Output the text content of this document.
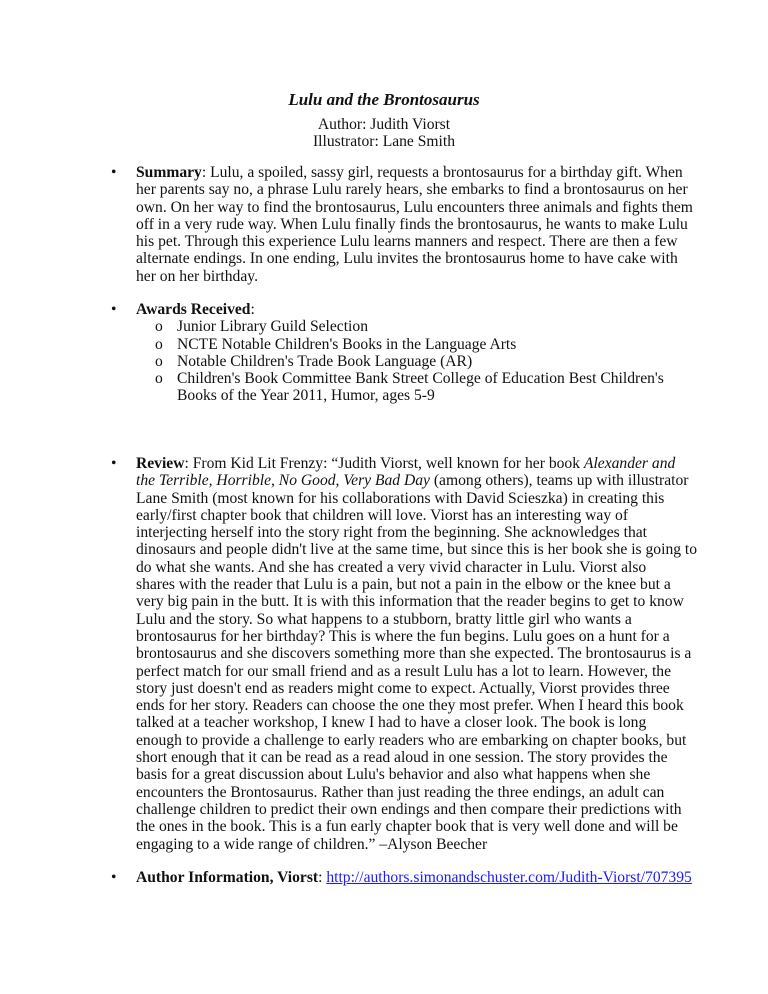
Lulu and the Brontosaurus
Author: Judith Viorst
Illustrator: Lane Smith
• Summary: Lulu, a spoiled, sassy girl, requests a brontosaurus for a birthday gift. When
her parents say no, a phrase Lulu rarely hears, she embarks to find a brontosaurus on her
own. On her way to find the brontosaurus, Lulu encounters three animals and fights them
off in a very rude way. When Lulu finally finds the brontosaurus, he wants to make Lulu
his pet. Through this experience Lulu learns manners and respect. There are then a few
alternate endings. In one ending, Lulu invites the brontosaurus home to have cake with
her on her birthday.
• Awards Received:
o Junior Library Guild Selection
o NCTE Notable Children's Books in the Language Arts
o Notable Children's Trade Book Language (AR)
o Children's Book Committee Bank Street College of Education Best Children's
Books of the Year 2011, Humor, ages 5-9
• Review: From Kid Lit Frenzy: “Judith Viorst, well known for her book Alexander and
the Terrible, Horrible, No Good, Very Bad Day (among others), teams up with illustrator
Lane Smith (most known for his collaborations with David Scieszka) in creating this
early/first chapter book that children will love. Viorst has an interesting way of
interjecting herself into the story right from the beginning. She acknowledges that
dinosaurs and people didn't live at the same time, but since this is her book she is going to
do what she wants. And she has created a very vivid character in Lulu. Viorst also
shares with the reader that Lulu is a pain, but not a pain in the elbow or the knee but a
very big pain in the butt. It is with this information that the reader begins to get to know
Lulu and the story. So what happens to a stubborn, bratty little girl who wants a
brontosaurus for her birthday? This is where the fun begins. Lulu goes on a hunt for a
brontosaurus and she discovers something more than she expected. The brontosaurus is a
perfect match for our small friend and as a result Lulu has a lot to learn. However, the
story just doesn't end as readers might come to expect. Actually, Viorst provides three
ends for her story. Readers can choose the one they most prefer. When I heard this book
talked at a teacher workshop, I knew I had to have a closer look. The book is long
enough to provide a challenge to early readers who are embarking on chapter books, but
short enough that it can be read as a read aloud in one session. The story provides the
basis for a great discussion about Lulu's behavior and also what happens when she
encounters the Brontosaurus. Rather than just reading the three endings, an adult can
challenge children to predict their own endings and then compare their predictions with
the ones in the book. This is a fun early chapter book that is very well done and will be
engaging to a wide range of children.” –Alyson Beecher
• Author Information, Viorst: http://authors.simonandschuster.com/Judith-Viorst/707395
